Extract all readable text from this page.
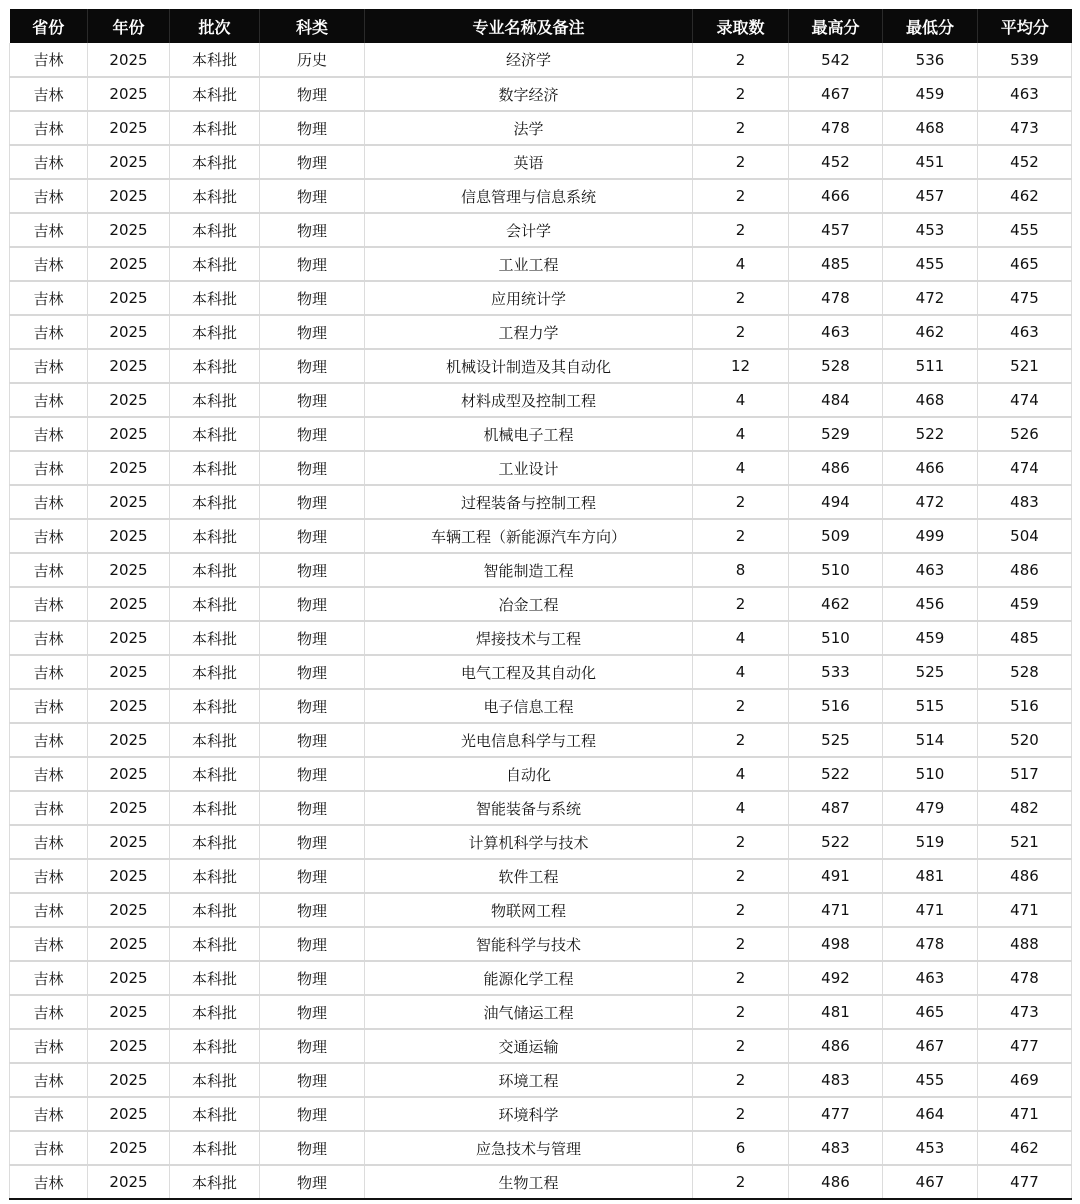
省份	年份	批次	科类	专业名称及备注	录取数	最高分	最低分	平均分
吉林	2025	本科批	历史	经济学	2	542	536	539
吉林	2025	本科批	物理	数字经济	2	467	459	463
吉林	2025	本科批	物理	法学	2	478	468	473
吉林	2025	本科批	物理	英语	2	452	451	452
吉林	2025	本科批	物理	信息管理与信息系统	2	466	457	462
吉林	2025	本科批	物理	会计学	2	457	453	455
吉林	2025	本科批	物理	工业工程	4	485	455	465
吉林	2025	本科批	物理	应用统计学	2	478	472	475
吉林	2025	本科批	物理	工程力学	2	463	462	463
吉林	2025	本科批	物理	机械设计制造及其自动化	12	528	511	521
吉林	2025	本科批	物理	材料成型及控制工程	4	484	468	474
吉林	2025	本科批	物理	机械电子工程	4	529	522	526
吉林	2025	本科批	物理	工业设计	4	486	466	474
吉林	2025	本科批	物理	过程装备与控制工程	2	494	472	483
吉林	2025	本科批	物理	车辆工程（新能源汽车方向）	2	509	499	504
吉林	2025	本科批	物理	智能制造工程	8	510	463	486
吉林	2025	本科批	物理	冶金工程	2	462	456	459
吉林	2025	本科批	物理	焊接技术与工程	4	510	459	485
吉林	2025	本科批	物理	电气工程及其自动化	4	533	525	528
吉林	2025	本科批	物理	电子信息工程	2	516	515	516
吉林	2025	本科批	物理	光电信息科学与工程	2	525	514	520
吉林	2025	本科批	物理	自动化	4	522	510	517
吉林	2025	本科批	物理	智能装备与系统	4	487	479	482
吉林	2025	本科批	物理	计算机科学与技术	2	522	519	521
吉林	2025	本科批	物理	软件工程	2	491	481	486
吉林	2025	本科批	物理	物联网工程	2	471	471	471
吉林	2025	本科批	物理	智能科学与技术	2	498	478	488
吉林	2025	本科批	物理	能源化学工程	2	492	463	478
吉林	2025	本科批	物理	油气储运工程	2	481	465	473
吉林	2025	本科批	物理	交通运输	2	486	467	477
吉林	2025	本科批	物理	环境工程	2	483	455	469
吉林	2025	本科批	物理	环境科学	2	477	464	471
吉林	2025	本科批	物理	应急技术与管理	6	483	453	462
吉林	2025	本科批	物理	生物工程	2	486	467	477
